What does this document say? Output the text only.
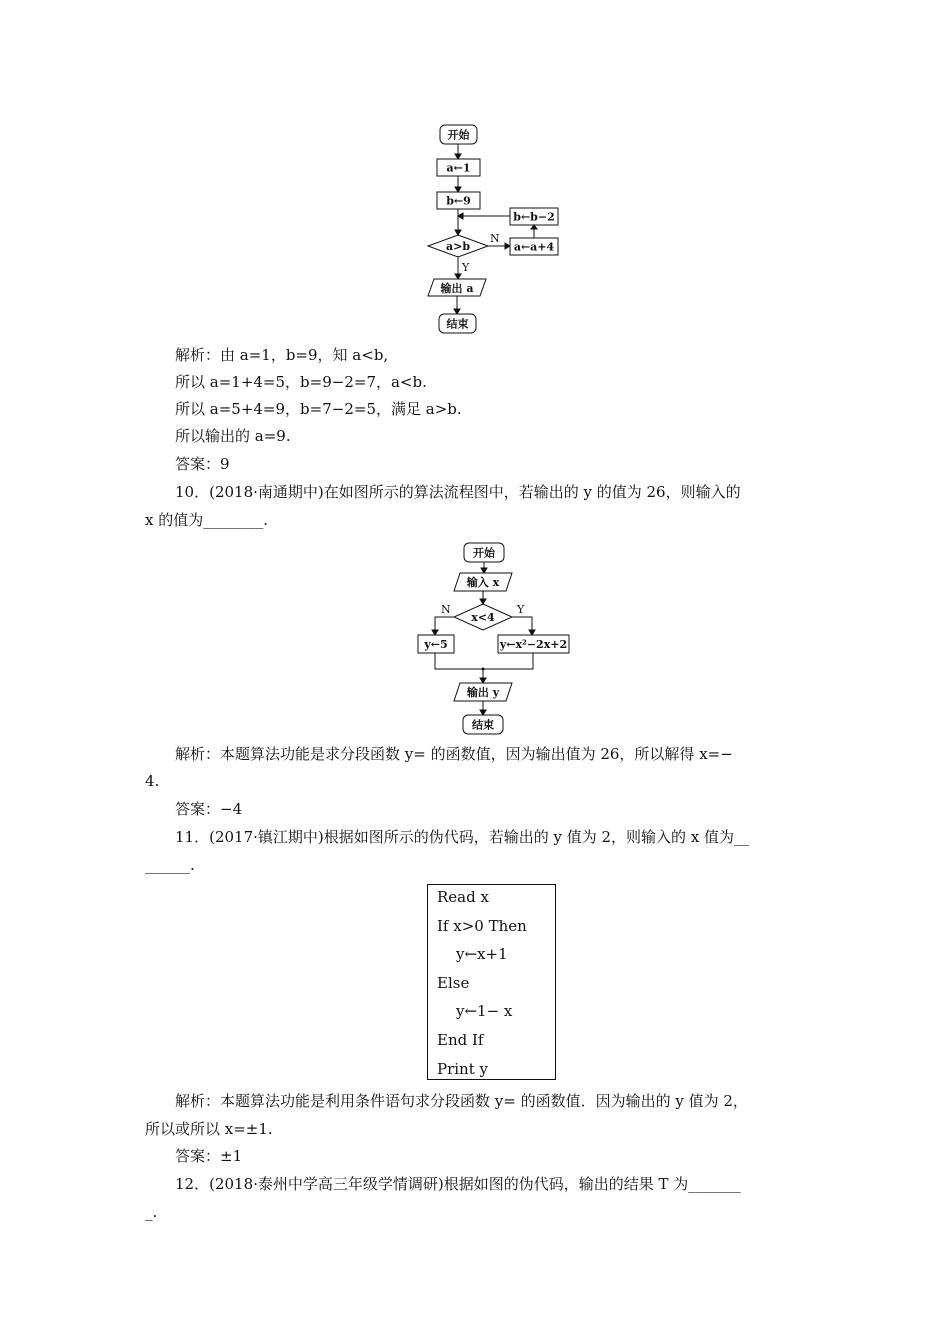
开始
a←1
b←9
b←b−2
a>b
N
a←a+4
Y
输出 a
结束
解析：由 a=1，b=9，知 a<b,
所以 a=1+4=5，b=9−2=7，a<b.
所以 a=5+4=9，b=7−2=5，满足 a>b.
所以输出的 a=9.
答案：9
10．(2018·南通期中)在如图所示的算法流程图中，若输出的 y 的值为 26，则输入的
x 的值为________.
开始
输入 x
x<4
N	Y
y←5	y←x²−2x+2
输出 y
结束
解析：本题算法功能是求分段函数 y= 的函数值，因为输出值为 26，所以解得 x=−
4.
答案：−4
11．(2017·镇江期中)根据如图所示的伪代码，若输出的 y 值为 2，则输入的 x 值为__
______.
Read x
If x>0 Then
y←x+1
Else
y←1− x
End If
Print y
解析：本题算法功能是利用条件语句求分段函数 y= 的函数值．因为输出的 y 值为 2，
所以或所以 x=±1.
答案：±1
12．(2018·泰州中学高三年级学情调研)根据如图的伪代码，输出的结果 T 为_______
_.
